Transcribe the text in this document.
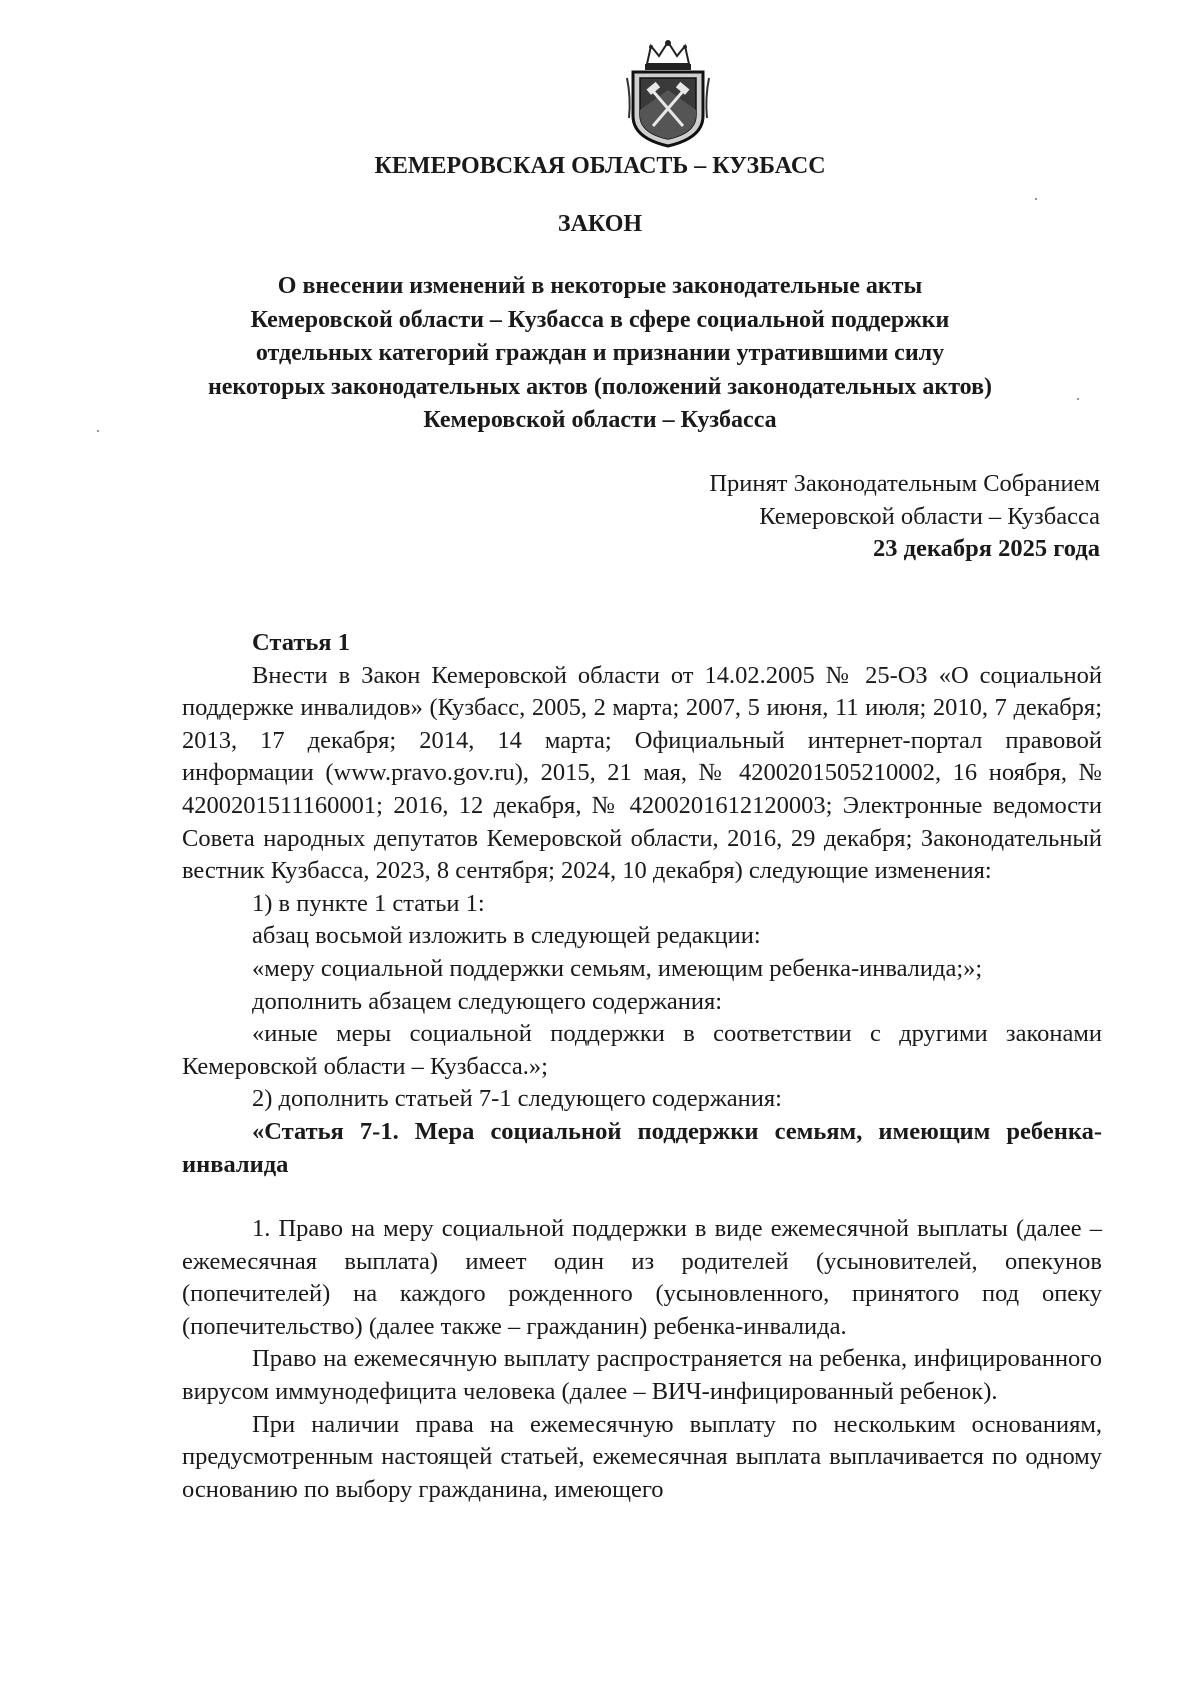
КЕМЕРОВСКАЯ ОБЛАСТЬ – КУЗБАСС
ЗАКОН
О внесении изменений в некоторые законодательные акты
Кемеровской области – Кузбасса в сфере социальной поддержки
отдельных категорий граждан и признании утратившими силу
некоторых законодательных актов (положений законодательных актов)
Кемеровской области – Кузбасса
Принят Законодательным Собранием
Кемеровской области – Кузбасса
23 декабря 2025 года
Статья 1

Внести в Закон Кемеровской области от 14.02.2005 № 25-ОЗ «О социальной поддержке инвалидов» (Кузбасс, 2005, 2 марта; 2007, 5 июня, 11 июля; 2010, 7 декабря; 2013, 17 декабря; 2014, 14 марта; Официальный интернет-портал правовой информации (www.pravo.gov.ru), 2015, 21 мая, № 4200201505210002, 16 ноября, № 4200201511160001; 2016, 12 декабря, № 4200201612120003; Электронные ведомости Совета народных депутатов Кемеровской области, 2016, 29 декабря; Законодательный вестник Кузбасса, 2023, 8 сентября; 2024, 10 декабря) следующие изменения:

1) в пункте 1 статьи 1:
абзац восьмой изложить в следующей редакции:
«меру социальной поддержки семьям, имеющим ребенка-инвалида;»;
дополнить абзацем следующего содержания:

«иные меры социальной поддержки в соответствии с другими законами Кемеровской области – Кузбасса.»;

2) дополнить статьей 7-1 следующего содержания:

«Статья 7-1. Мера социальной поддержки семьям, имеющим ребенка-инвалида

1. Право на меру социальной поддержки в виде ежемесячной выплаты (далее – ежемесячная выплата) имеет один из родителей (усыновителей, опекунов (попечителей) на каждого рожденного (усыновленного, принятого под опеку (попечительство) (далее также – гражданин) ребенка-инвалида.

Право на ежемесячную выплату распространяется на ребенка, инфицированного вирусом иммунодефицита человека (далее – ВИЧ-инфицированный ребенок).

При наличии права на ежемесячную выплату по нескольким основаниям, предусмотренным настоящей статьей, ежемесячная выплата выплачивается по одному основанию по выбору гражданина, имеющего
